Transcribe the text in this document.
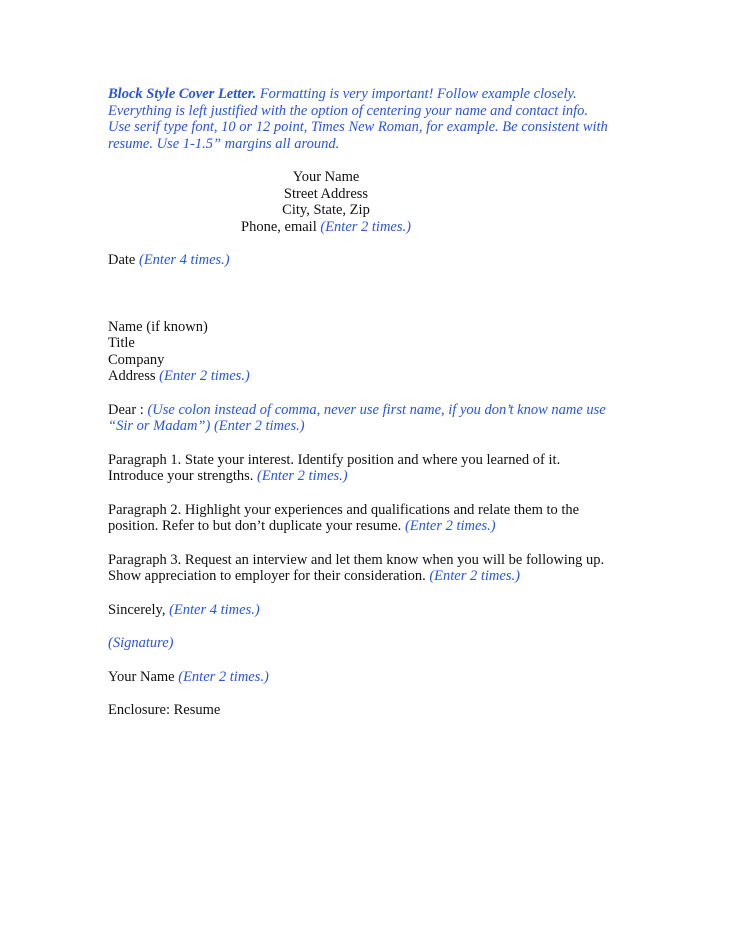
Block Style Cover Letter. Formatting is very important! Follow example closely.
Everything is left justified with the option of centering your name and contact info.
Use serif type font, 10 or 12 point, Times New Roman, for example. Be consistent with
resume. Use 1-1.5” margins all around.
Your Name
Street Address
City, State, Zip
Phone, email (Enter 2 times.)
Date (Enter 4 times.)
Name (if known)
Title
Company
Address (Enter 2 times.)
Dear : (Use colon instead of comma, never use first name, if you don’t know name use
“Sir or Madam”) (Enter 2 times.)
Paragraph 1. State your interest. Identify position and where you learned of it.
Introduce your strengths. (Enter 2 times.)
Paragraph 2. Highlight your experiences and qualifications and relate them to the
position. Refer to but don’t duplicate your resume. (Enter 2 times.)
Paragraph 3. Request an interview and let them know when you will be following up.
Show appreciation to employer for their consideration. (Enter 2 times.)
Sincerely, (Enter 4 times.)
(Signature)
Your Name (Enter 2 times.)
Enclosure: Resume
